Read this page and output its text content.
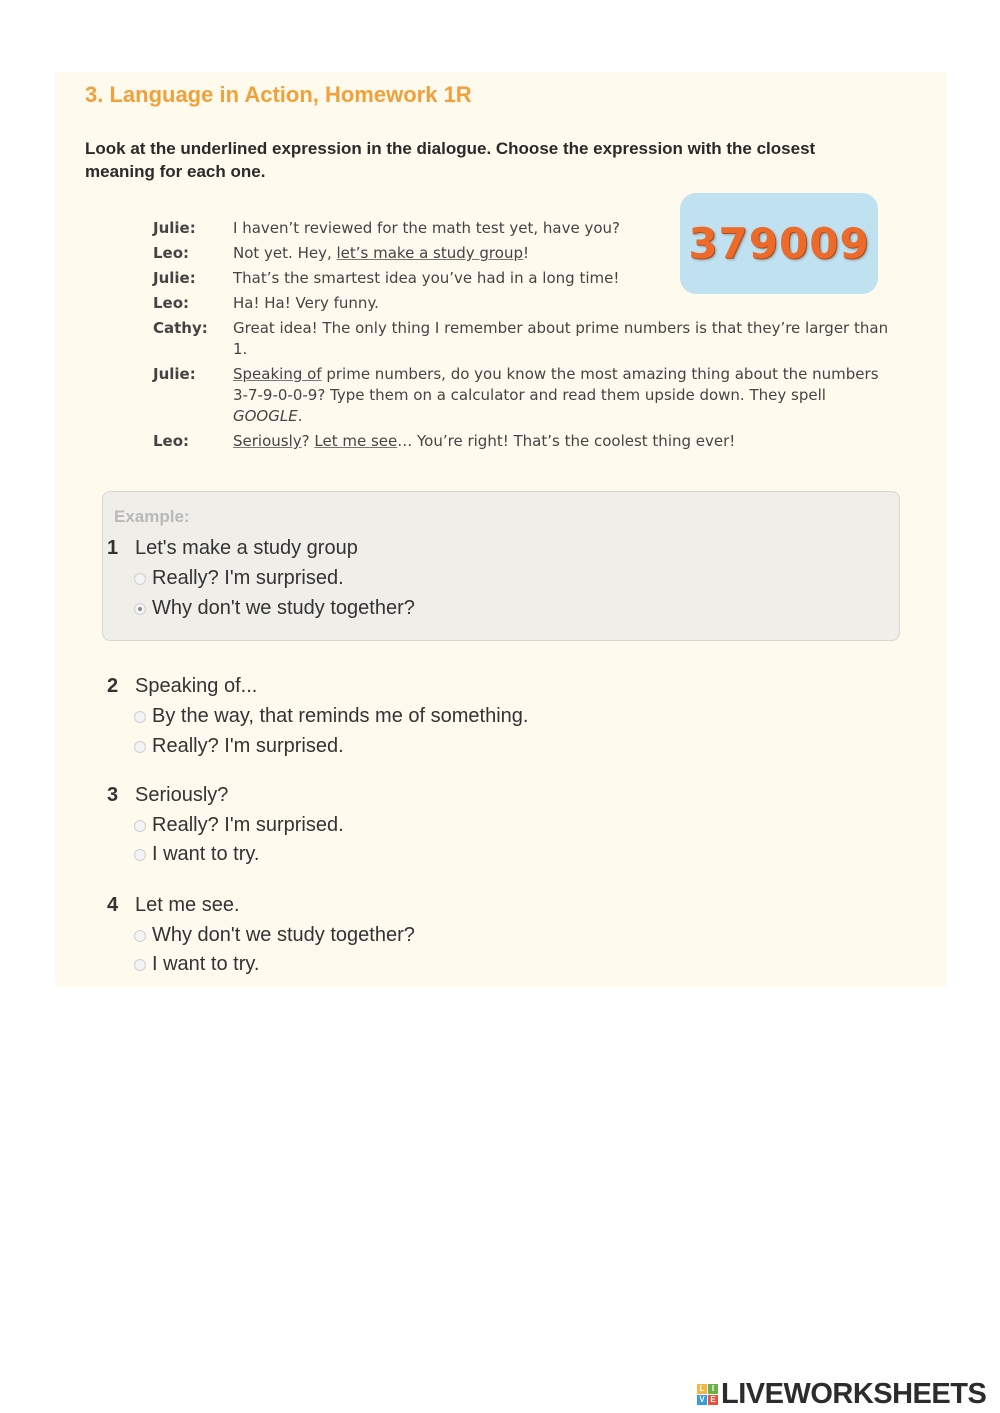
3. Language in Action, Homework 1R
Look at the underlined expression in the dialogue. Choose the expression with the closest meaning for each one.
379009
Julie:	I haven’t reviewed for the math test yet, have you?
Leo:	Not yet. Hey, let’s make a study group!
Julie:	That’s the smartest idea you’ve had in a long time!
Leo:	Ha! Ha! Very funny.
Cathy:	Great idea! The only thing I remember about prime numbers is that they’re larger than 1.
Julie:	Speaking of prime numbers, do you know the most amazing thing about the numbers 3-7-9-0-0-9? Type them on a calculator and read them upside down. They spell GOOGLE.
Leo:	Seriously? Let me see… You’re right! That’s the coolest thing ever!
Example:
1 Let's make a study group
Really? I'm surprised.
Why don't we study together?
2 Speaking of...
By the way, that reminds me of something.
Really? I'm surprised.
3 Seriously?
Really? I'm surprised.
I want to try.
4 Let me see.
Why don't we study together?
I want to try.
L I
V E LIVEWORKSHEETS
